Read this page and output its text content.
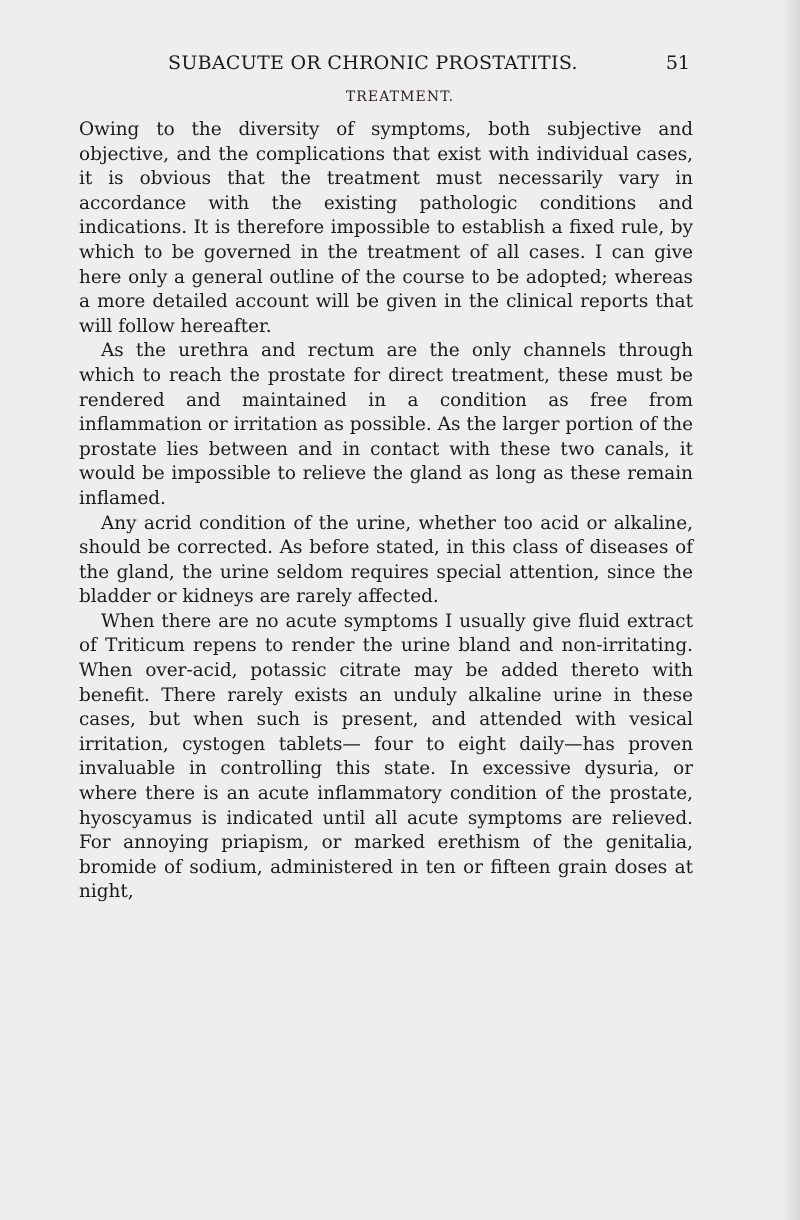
SUBACUTE OR CHRONIC PROSTATITIS.	51
TREATMENT.

Owing to the diversity of symptoms, both subjective and objective, and the complications that exist with individual cases, it is obvious that the treatment must necessarily vary in accordance with the existing pathologic conditions and indications. It is therefore impossible to establish a fixed rule, by which to be governed in the treatment of all cases. I can give here only a general outline of the course to be adopted; whereas a more detailed account will be given in the clinical reports that will follow hereafter.

As the urethra and rectum are the only channels through which to reach the prostate for direct treatment, these must be rendered and maintained in a condition as free from inflammation or irritation as possible. As the larger portion of the prostate lies between and in contact with these two canals, it would be impossible to relieve the gland as long as these remain inflamed.

Any acrid condition of the urine, whether too acid or alkaline, should be corrected. As before stated, in this class of diseases of the gland, the urine seldom requires special attention, since the bladder or kidneys are rarely affected.

When there are no acute symptoms I usually give fluid extract of Triticum repens to render the urine bland and non-irritating. When over-acid, potassic citrate may be added thereto with benefit. There rarely exists an unduly alkaline urine in these cases, but when such is present, and attended with vesical irritation, cystogen tablets— four to eight daily—has proven invaluable in controlling this state. In excessive dysuria, or where there is an acute inflammatory condition of the prostate, hyoscyamus is indicated until all acute symptoms are relieved. For annoying priapism, or marked erethism of the genitalia, bromide of sodium, administered in ten or fifteen grain doses at night,
